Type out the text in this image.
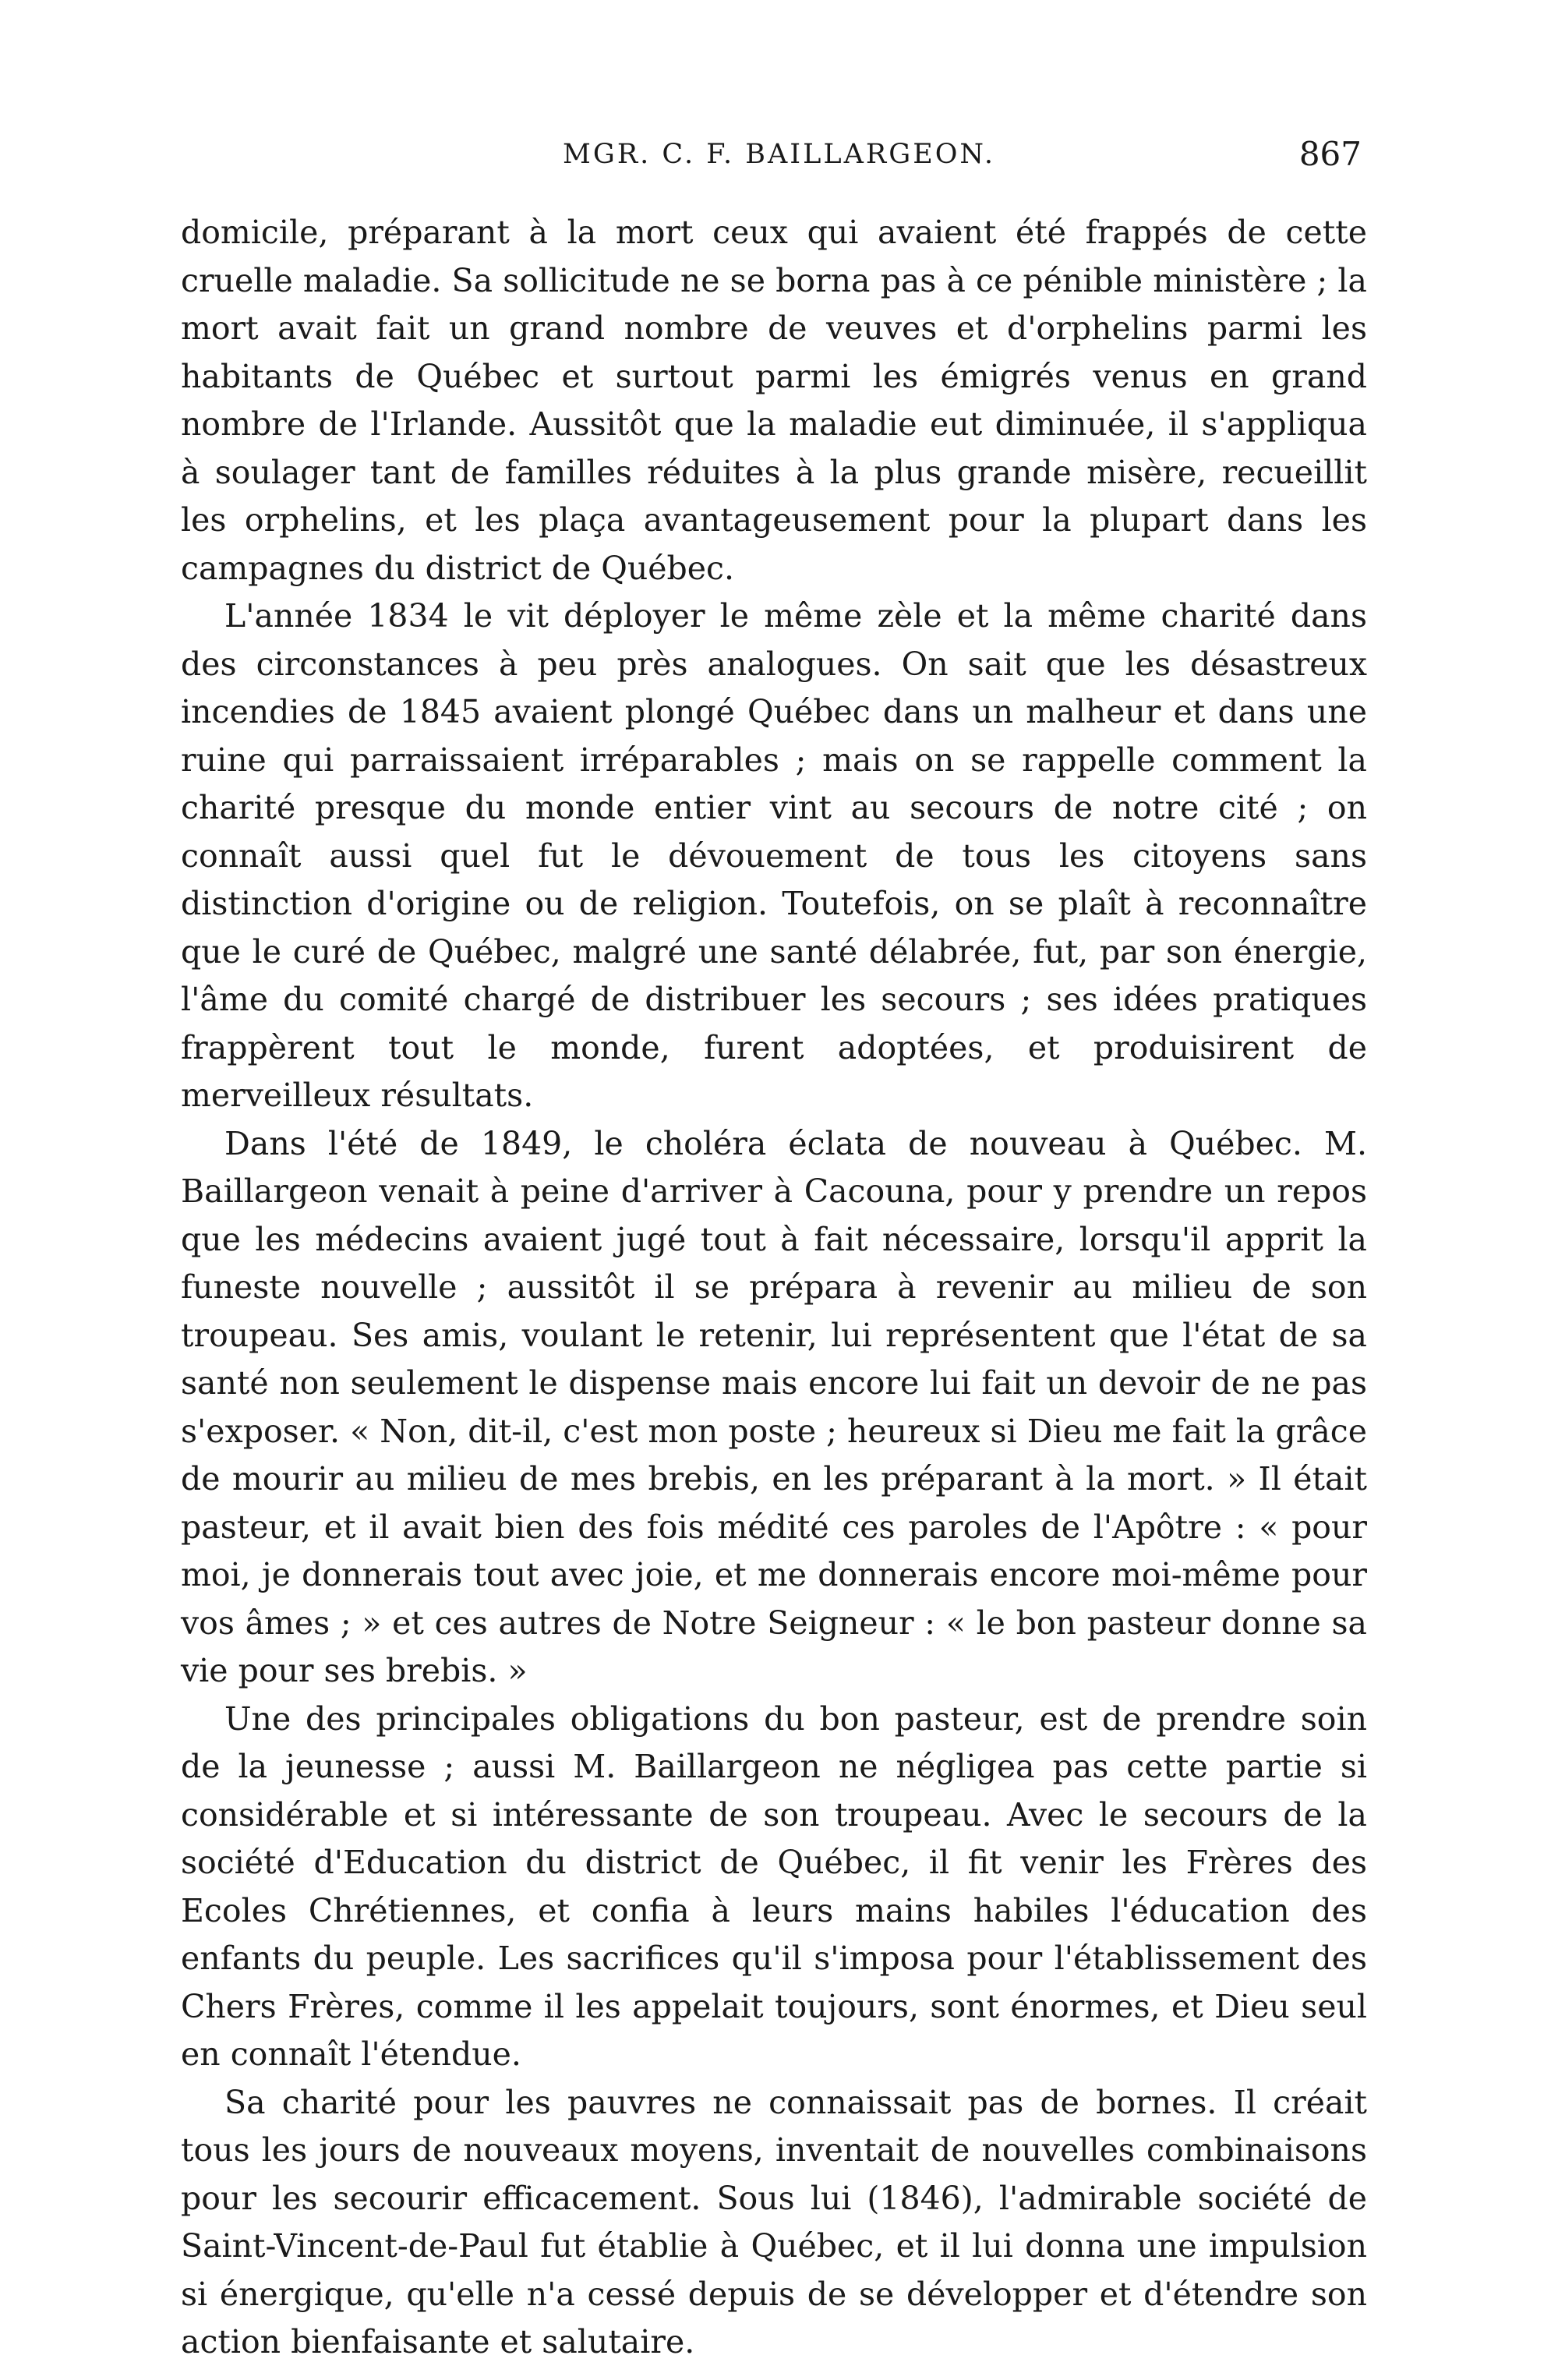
MGR. C. F. BAILLARGEON.	867

domicile, préparant à la mort ceux qui avaient été frappés de cette cruelle maladie. Sa sollicitude ne se borna pas à ce pénible ministère ; la mort avait fait un grand nombre de veuves et d'orphelins parmi les habitants de Québec et surtout parmi les émigrés venus en grand nombre de l'Irlande. Aussitôt que la maladie eut diminuée, il s'appliqua à soulager tant de familles réduites à la plus grande misère, recueillit les orphelins, et les plaça avantageusement pour la plupart dans les campagnes du district de Québec.

L'année 1834 le vit déployer le même zèle et la même charité dans des circonstances à peu près analogues. On sait que les désastreux incendies de 1845 avaient plongé Québec dans un malheur et dans une ruine qui parraissaient irréparables ; mais on se rappelle comment la charité presque du monde entier vint au secours de notre cité ; on connaît aussi quel fut le dévouement de tous les citoyens sans distinction d'origine ou de religion. Toutefois, on se plaît à reconnaître que le curé de Québec, malgré une santé délabrée, fut, par son énergie, l'âme du comité chargé de distribuer les secours ; ses idées pratiques frappèrent tout le monde, furent adoptées, et produisirent de merveilleux résultats.

Dans l'été de 1849, le choléra éclata de nouveau à Québec. M. Baillargeon venait à peine d'arriver à Cacouna, pour y prendre un repos que les médecins avaient jugé tout à fait nécessaire, lorsqu'il apprit la funeste nouvelle ; aussitôt il se prépara à revenir au milieu de son troupeau. Ses amis, voulant le retenir, lui représentent que l'état de sa santé non seulement le dispense mais encore lui fait un devoir de ne pas s'exposer. « Non, dit-il, c'est mon poste ; heureux si Dieu me fait la grâce de mourir au milieu de mes brebis, en les préparant à la mort. » Il était pasteur, et il avait bien des fois médité ces paroles de l'Apôtre : « pour moi, je donnerais tout avec joie, et me donnerais encore moi-même pour vos âmes ; » et ces autres de Notre Seigneur : « le bon pasteur donne sa vie pour ses brebis. »

Une des principales obligations du bon pasteur, est de prendre soin de la jeunesse ; aussi M. Baillargeon ne négligea pas cette partie si considérable et si intéressante de son troupeau. Avec le secours de la société d'Education du district de Québec, il fit venir les Frères des Ecoles Chrétiennes, et confia à leurs mains habiles l'éducation des enfants du peuple. Les sacrifices qu'il s'imposa pour l'établissement des Chers Frères, comme il les appelait toujours, sont énormes, et Dieu seul en connaît l'étendue.

Sa charité pour les pauvres ne connaissait pas de bornes. Il créait tous les jours de nouveaux moyens, inventait de nouvelles combinaisons pour les secourir efficacement. Sous lui (1846), l'admirable société de Saint-Vincent-de-Paul fut établie à Québec, et il lui donna une impulsion si énergique, qu'elle n'a cessé depuis de se développer et d'étendre son action bienfaisante et salutaire.
